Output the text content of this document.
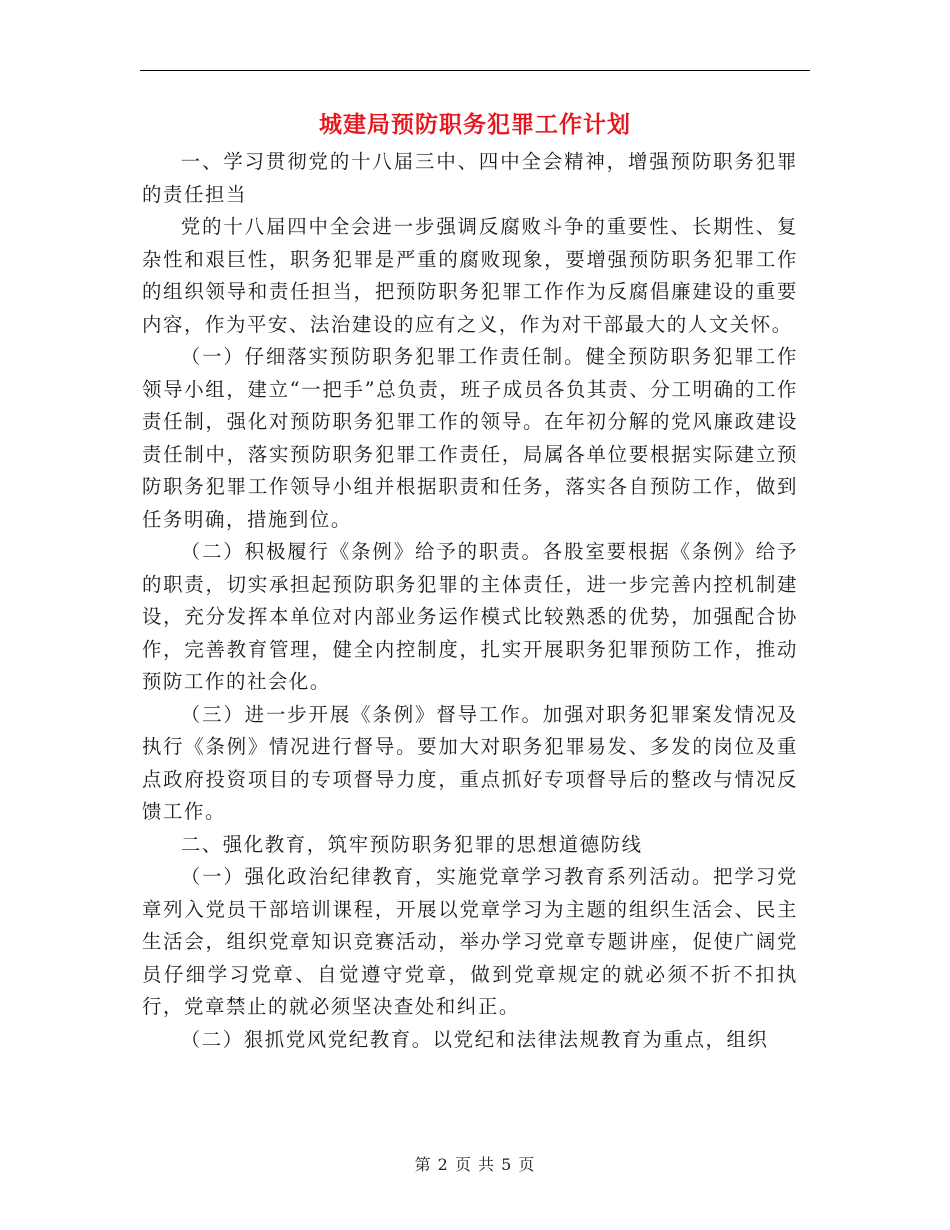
城建局预防职务犯罪工作计划

一、学习贯彻党的十八届三中、四中全会精神，增强预防职务犯罪的责任担当

党的十八届四中全会进一步强调反腐败斗争的重要性、长期性、复杂性和艰巨性，职务犯罪是严重的腐败现象，要增强预防职务犯罪工作的组织领导和责任担当，把预防职务犯罪工作作为反腐倡廉建设的重要内容，作为平安、法治建设的应有之义，作为对干部最大的人文关怀。

（一）仔细落实预防职务犯罪工作责任制。健全预防职务犯罪工作领导小组，建立“一把手”总负责，班子成员各负其责、分工明确的工作责任制，强化对预防职务犯罪工作的领导。在年初分解的党风廉政建设责任制中，落实预防职务犯罪工作责任，局属各单位要根据实际建立预防职务犯罪工作领导小组并根据职责和任务，落实各自预防工作，做到任务明确，措施到位。

（二）积极履行《条例》给予的职责。各股室要根据《条例》给予的职责，切实承担起预防职务犯罪的主体责任，进一步完善内控机制建设，充分发挥本单位对内部业务运作模式比较熟悉的优势，加强配合协作，完善教育管理，健全内控制度，扎实开展职务犯罪预防工作，推动预防工作的社会化。

（三）进一步开展《条例》督导工作。加强对职务犯罪案发情况及执行《条例》情况进行督导。要加大对职务犯罪易发、多发的岗位及重点政府投资项目的专项督导力度，重点抓好专项督导后的整改与情况反馈工作。

二、强化教育，筑牢预防职务犯罪的思想道德防线

（一）强化政治纪律教育，实施党章学习教育系列活动。把学习党章列入党员干部培训课程，开展以党章学习为主题的组织生活会、民主生活会，组织党章知识竞赛活动，举办学习党章专题讲座，促使广阔党员仔细学习党章、自觉遵守党章，做到党章规定的就必须不折不扣执行，党章禁止的就必须坚决查处和纠正。

（二）狠抓党风党纪教育。以党纪和法律法规教育为重点，组织

第 2 页 共 5 页
